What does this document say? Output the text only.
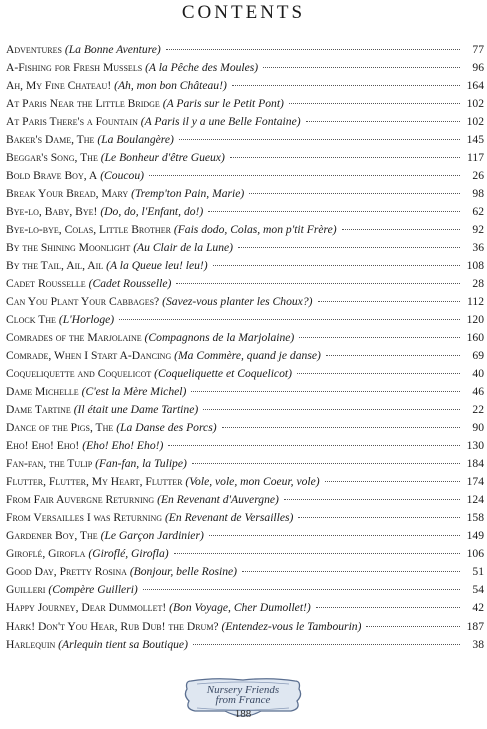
CONTENTS
Adventures (La Bonne Aventure)	77
A-Fishing for Fresh Mussels (A la Pêche des Moules)	96
Ah, My Fine Chateau! (Ah, mon bon Château!)	164
At Paris Near the Little Bridge (A Paris sur le Petit Pont)	102
At Paris There's a Fountain (A Paris il y a une Belle Fontaine)	102
Baker's Dame, The (La Boulangère)	145
Beggar's Song, The (Le Bonheur d'être Gueux)	117
Bold Brave Boy, A (Coucou)	26
Break Your Bread, Mary (Tremp'ton Pain, Marie)	98
Bye-lo, Baby, Bye! (Do, do, l'Enfant, do!)	62
Bye-lo-bye, Colas, Little Brother (Fais dodo, Colas, mon p'tit Frère)	92
By the Shining Moonlight (Au Clair de la Lune)	36
By the Tail, Ail, Ail (A la Queue leu! leu!)	108
Cadet Rousselle (Cadet Rousselle)	28
Can You Plant Your Cabbages? (Savez-vous planter les Choux?)	112
Clock The (L'Horloge)	120
Comrades of the Marjolaine (Compagnons de la Marjolaine)	160
Comrade, When I Start A-Dancing (Ma Commère, quand je danse)	69
Coqueliquette and Coquelicot (Coqueliquette et Coquelicot)	40
Dame Michelle (C'est la Mère Michel)	46
Dame Tartine (Il était une Dame Tartine)	22
Dance of the Pigs, The (La Danse des Porcs)	90
Eho! Eho! Eho! (Eho! Eho! Eho!)	130
Fan-fan, the Tulip (Fan-fan, la Tulipe)	184
Flutter, Flutter, My Heart, Flutter (Vole, vole, mon Coeur, vole)	174
From Fair Auvergne Returning (En Revenant d'Auvergne)	124
From Versailles I was Returning (En Revenant de Versailles)	158
Gardener Boy, The (Le Garçon Jardinier)	149
Giroflé, Girofla (Giroflé, Girofla)	106
Good Day, Pretty Rosina (Bonjour, belle Rosine)	51
Guilleri (Compère Guilleri)	54
Happy Journey, Dear Dummollet! (Bon Voyage, Cher Dumollet!)	42
Hark! Don't You Hear, Rub Dub! the Drum? (Entendez-vous le Tambourin)	187
Harlequin (Arlequin tient sa Boutique)	38
Nursery Friends
from France
188
